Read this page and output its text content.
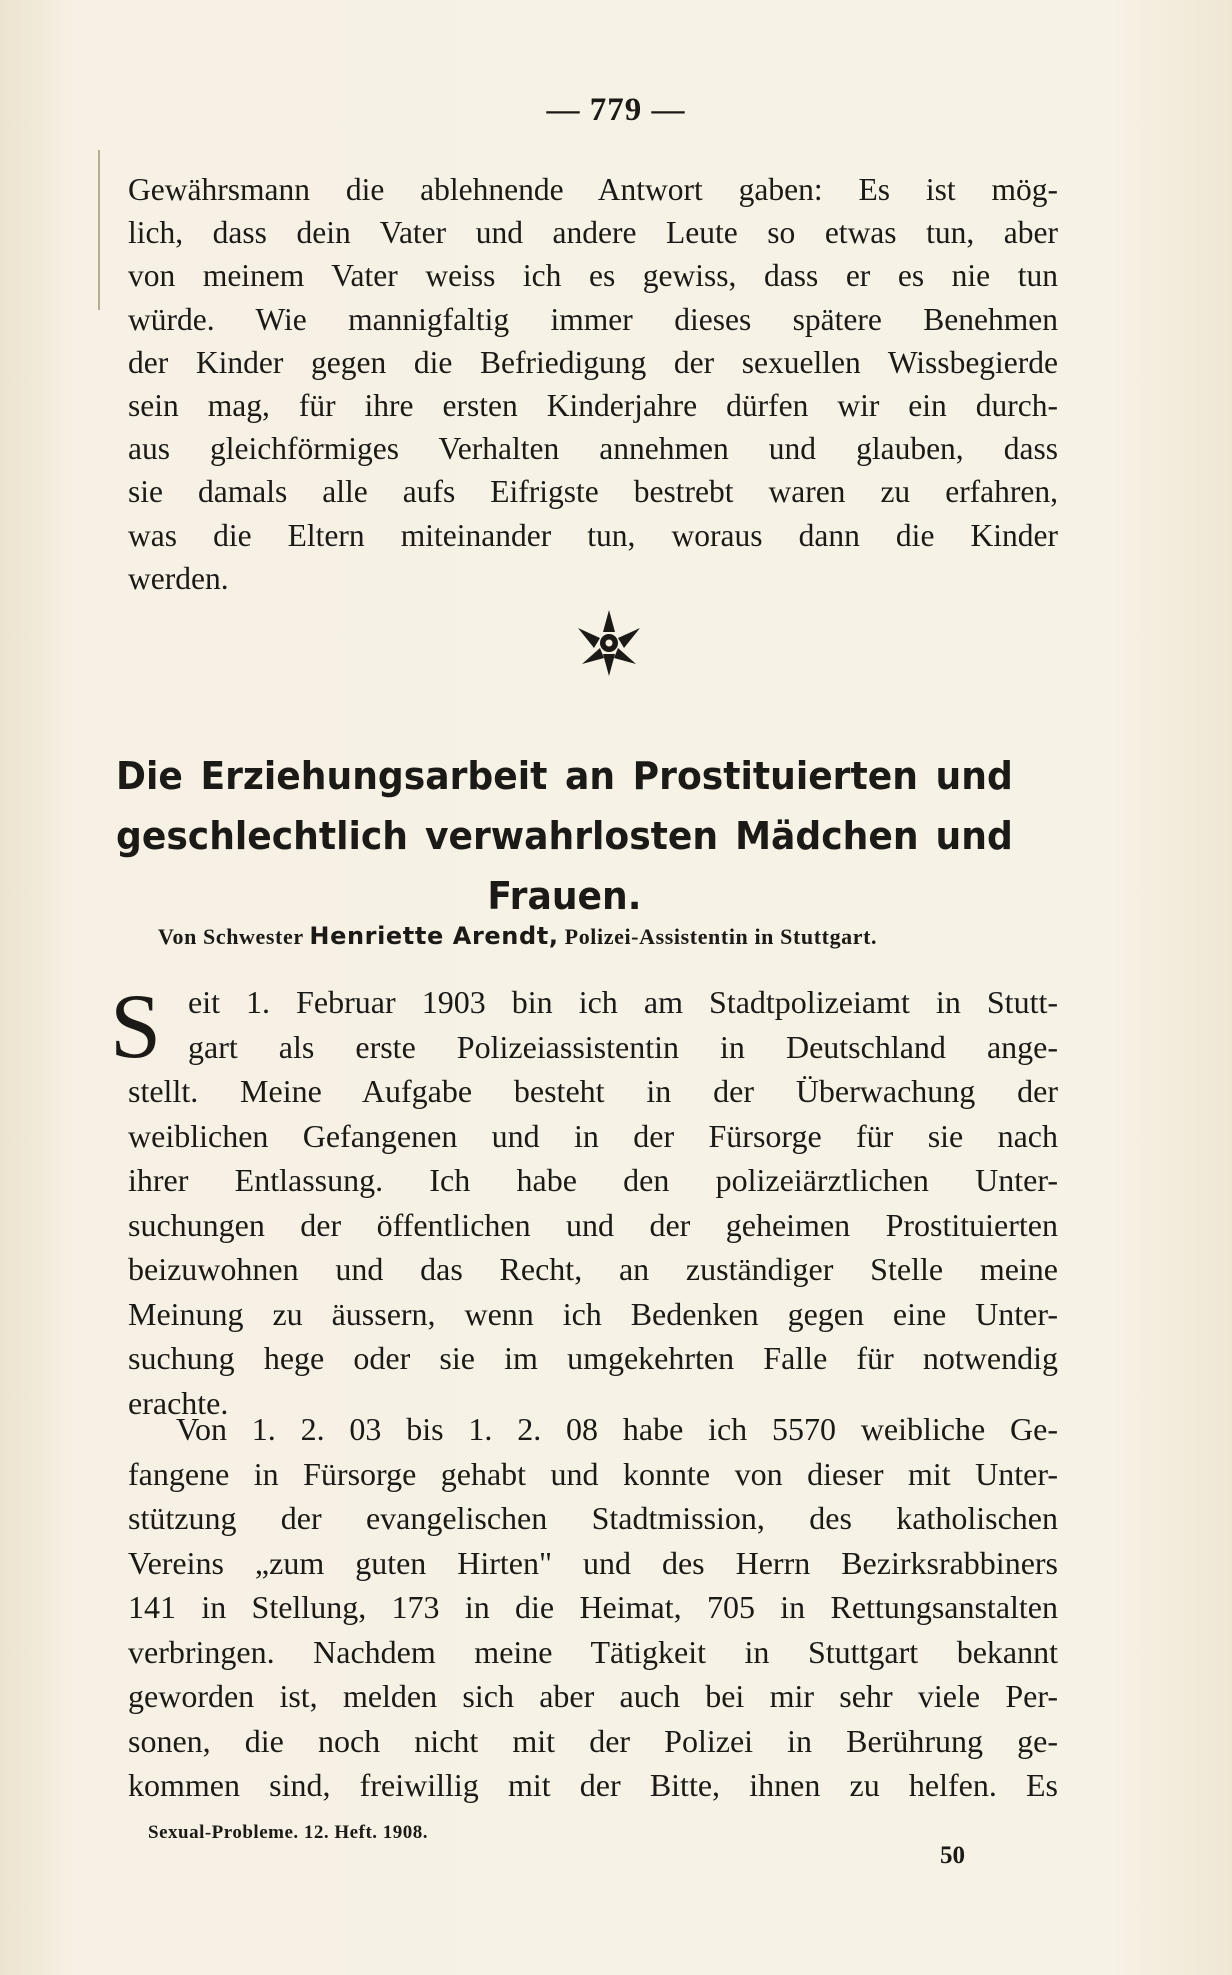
— 779 —
Gewährsmann die ablehnende Antwort gaben: Es ist mög-
lich, dass dein Vater und andere Leute so etwas tun, aber
von meinem Vater weiss ich es gewiss, dass er es nie tun
würde. Wie mannigfaltig immer dieses spätere Benehmen
der Kinder gegen die Befriedigung der sexuellen Wissbegierde
sein mag, für ihre ersten Kinderjahre dürfen wir ein durch-
aus gleichförmiges Verhalten annehmen und glauben, dass
sie damals alle aufs Eifrigste bestrebt waren zu erfahren,
was die Eltern miteinander tun, woraus dann die Kinder
werden.
Die Erziehungsarbeit an Prostituierten und
geschlechtlich verwahrlosten Mädchen und
Frauen.
Von Schwester Henriette Arendt, Polizei-Assistentin in Stuttgart.
S eit 1. Februar 1903 bin ich am Stadtpolizeiamt in Stutt-
gart als erste Polizeiassistentin in Deutschland ange-
stellt. Meine Aufgabe besteht in der Überwachung der
weiblichen Gefangenen und in der Fürsorge für sie nach
ihrer Entlassung. Ich habe den polizeiärztlichen Unter-
suchungen der öffentlichen und der geheimen Prostituierten
beizuwohnen und das Recht, an zuständiger Stelle meine
Meinung zu äussern, wenn ich Bedenken gegen eine Unter-
suchung hege oder sie im umgekehrten Falle für notwendig
erachte.
Von 1. 2. 03 bis 1. 2. 08 habe ich 5570 weibliche Ge-
fangene in Fürsorge gehabt und konnte von dieser mit Unter-
stützung der evangelischen Stadtmission, des katholischen
Vereins „zum guten Hirten" und des Herrn Bezirksrabbiners
141 in Stellung, 173 in die Heimat, 705 in Rettungsanstalten
verbringen. Nachdem meine Tätigkeit in Stuttgart bekannt
geworden ist, melden sich aber auch bei mir sehr viele Per-
sonen, die noch nicht mit der Polizei in Berührung ge-
kommen sind, freiwillig mit der Bitte, ihnen zu helfen. Es
Sexual-Probleme. 12. Heft. 1908.
50
